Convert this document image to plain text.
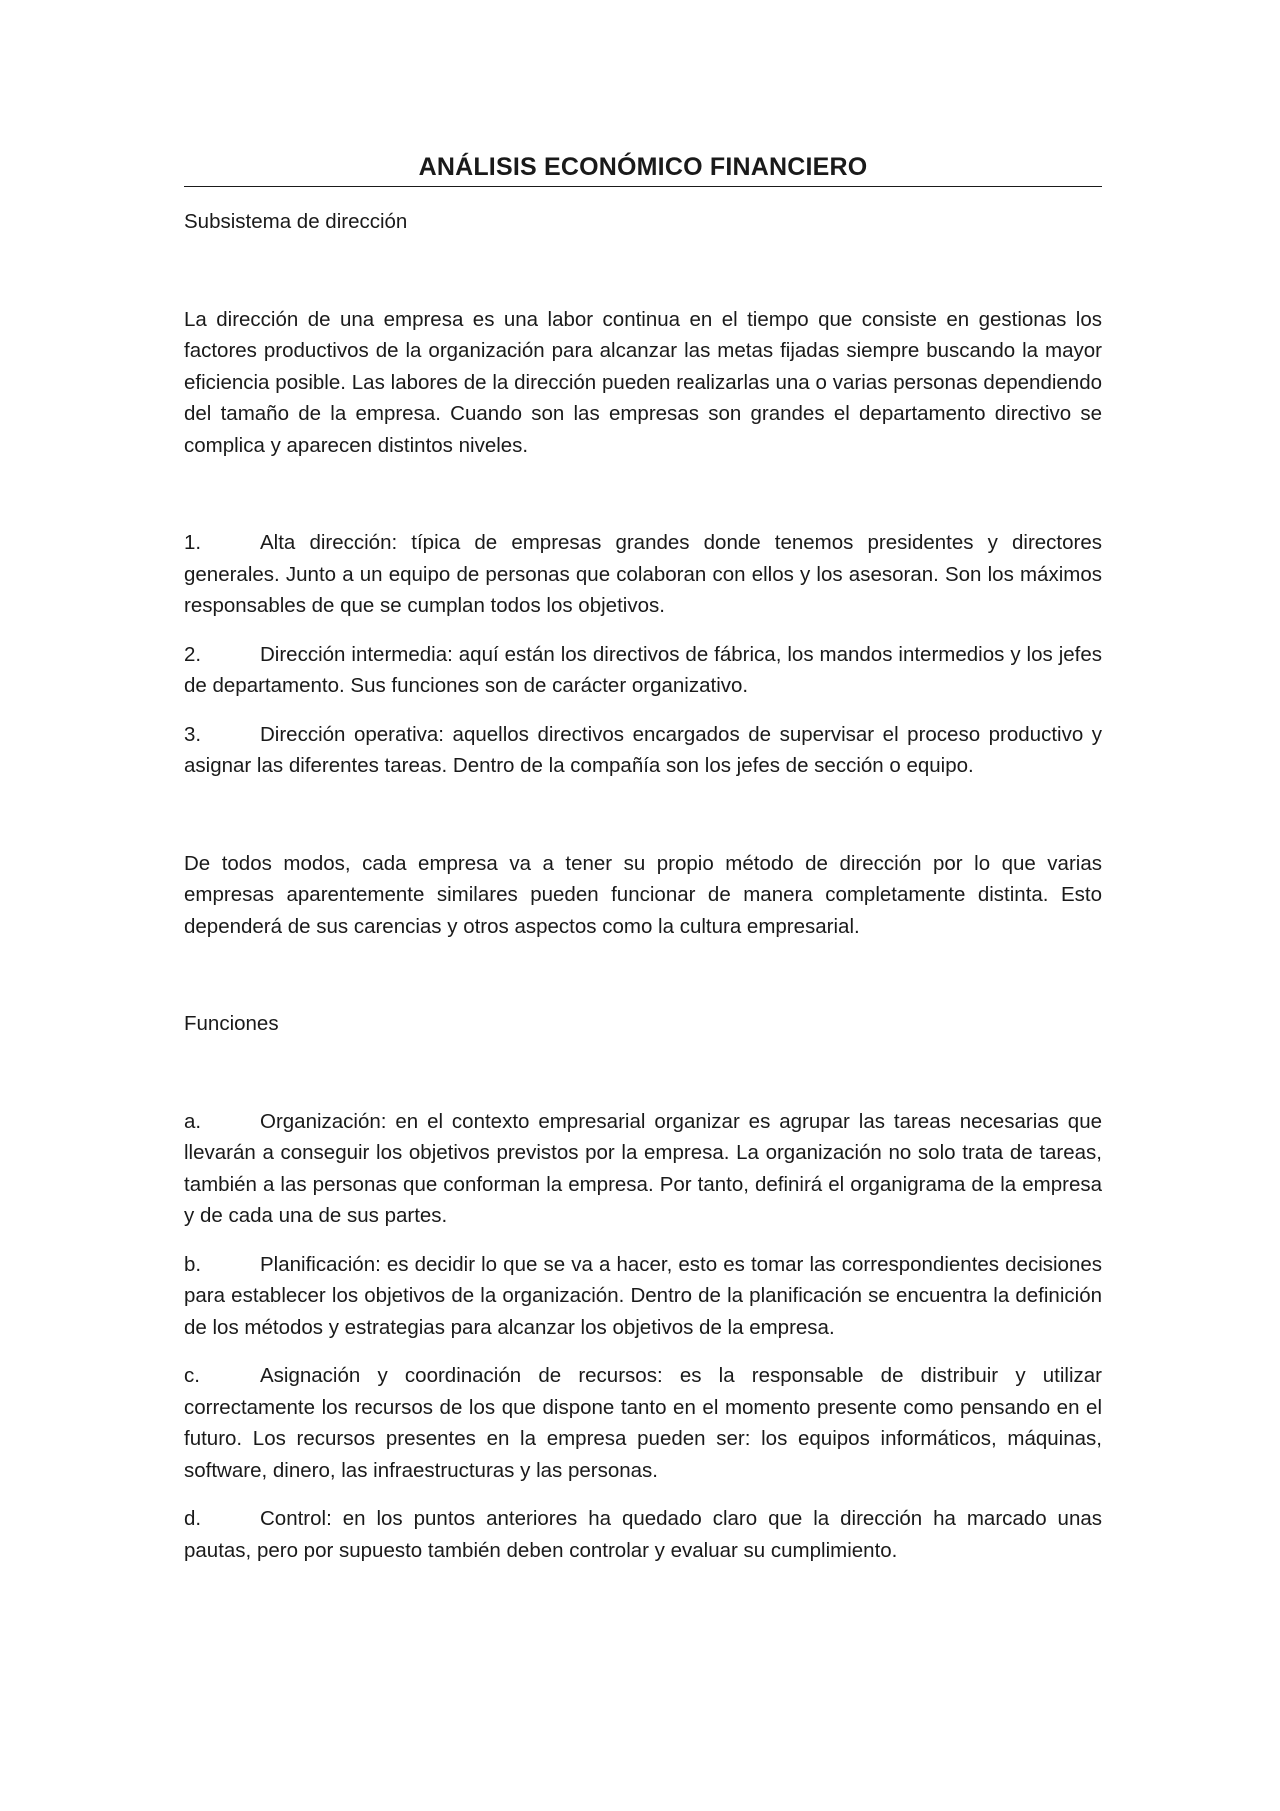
ANÁLISIS ECONÓMICO FINANCIERO

Subsistema de dirección

La dirección de una empresa es una labor continua en el tiempo que consiste en gestionas los factores productivos de la organización para alcanzar las metas fijadas siempre buscando la mayor eficiencia posible. Las labores de la dirección pueden realizarlas una o varias personas dependiendo del tamaño de la empresa. Cuando son las empresas son grandes el departamento directivo se complica y aparecen distintos niveles.

1.	Alta dirección: típica de empresas grandes donde tenemos presidentes y directores generales. Junto a un equipo de personas que colaboran con ellos y los asesoran. Son los máximos responsables de que se cumplan todos los objetivos.

2.	Dirección intermedia: aquí están los directivos de fábrica, los mandos intermedios y los jefes de departamento. Sus funciones son de carácter organizativo.

3.	Dirección operativa: aquellos directivos encargados de supervisar el proceso productivo y asignar las diferentes tareas. Dentro de la compañía son los jefes de sección o equipo.

De todos modos, cada empresa va a tener su propio método de dirección por lo que varias empresas aparentemente similares pueden funcionar de manera completamente distinta. Esto dependerá de sus carencias y otros aspectos como la cultura empresarial.

Funciones

a.	Organización: en el contexto empresarial organizar es agrupar las tareas necesarias que llevarán a conseguir los objetivos previstos por la empresa. La organización no solo trata de tareas, también a las personas que conforman la empresa. Por tanto, definirá el organigrama de la empresa y de cada una de sus partes.

b.	Planificación: es decidir lo que se va a hacer, esto es tomar las correspondientes decisiones para establecer los objetivos de la organización. Dentro de la planificación se encuentra la definición de los métodos y estrategias para alcanzar los objetivos de la empresa.

c.	Asignación y coordinación de recursos: es la responsable de distribuir y utilizar correctamente los recursos de los que dispone tanto en el momento presente como pensando en el futuro. Los recursos presentes en la empresa pueden ser: los equipos informáticos, máquinas, software, dinero, las infraestructuras y las personas.

d.	Control: en los puntos anteriores ha quedado claro que la dirección ha marcado unas pautas, pero por supuesto también deben controlar y evaluar su cumplimiento.
